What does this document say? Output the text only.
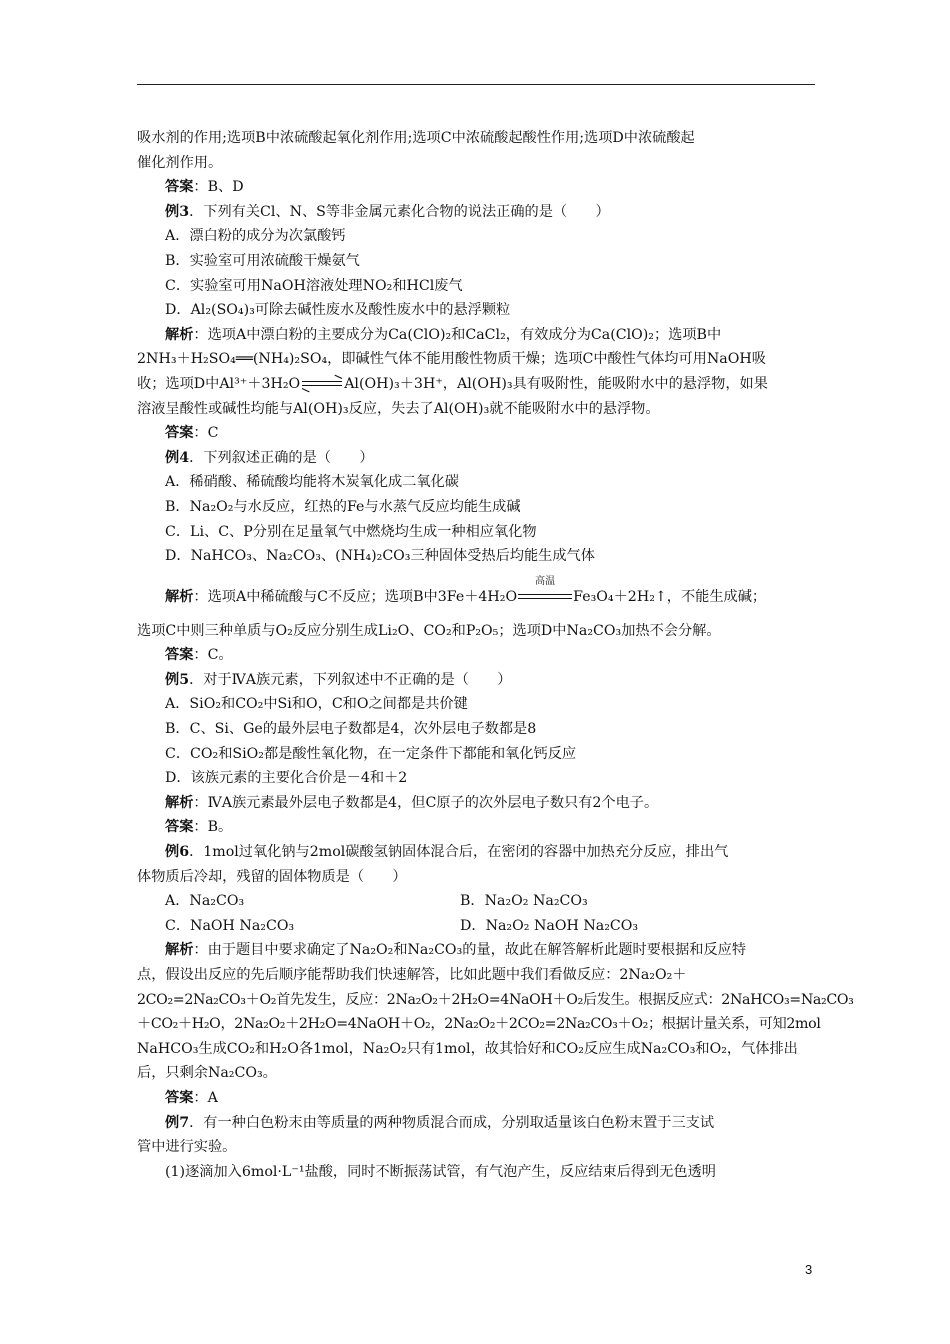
吸水剂的作用;选项B中浓硫酸起氧化剂作用;选项C中浓硫酸起酸性作用;选项D中浓硫酸起
催化剂作用。
答案：B、D
例3．下列有关Cl、N、S等非金属元素化合物的说法正确的是（　　）
A．漂白粉的成分为次氯酸钙
B．实验室可用浓硫酸干燥氨气
C．实验室可用NaOH溶液处理NO₂和HCl废气
D．Al₂(SO₄)₃可除去碱性废水及酸性废水中的悬浮颗粒
解析：选项A中漂白粉的主要成分为Ca(ClO)₂和CaCl₂，有效成分为Ca(ClO)₂；选项B中
2NH₃＋H₂SO₄══(NH₄)₂SO₄，即碱性气体不能用酸性物质干燥；选项C中酸性气体均可用NaOH吸
收；选项D中Al³⁺＋3H₂O ⇌ Al(OH)₃＋3H⁺，Al(OH)₃具有吸附性，能吸附水中的悬浮物，如果
溶液呈酸性或碱性均能与Al(OH)₃反应，失去了Al(OH)₃就不能吸附水中的悬浮物。
答案：C
例4．下列叙述正确的是（　　）
A．稀硝酸、稀硫酸均能将木炭氧化成二氧化碳
B．Na₂O₂与水反应，红热的Fe与水蒸气反应均能生成碱
C．Li、C、P分别在足量氧气中燃烧均生成一种相应氧化物
D．NaHCO₃、Na₂CO₃、(NH₄)₂CO₃三种固体受热后均能生成气体
解析：选项A中稀硫酸与C不反应；选项B中3Fe＋4H₂O
高温
Fe₃O₄＋2H₂↑，不能生成碱；
选项C中则三种单质与O₂反应分别生成Li₂O、CO₂和P₂O₅；选项D中Na₂CO₃加热不会分解。
答案：C。
例5．对于ⅣA族元素，下列叙述中不正确的是（　　）
A．SiO₂和CO₂中Si和O，C和O之间都是共价键
B．C、Si、Ge的最外层电子数都是4，次外层电子数都是8
C．CO₂和SiO₂都是酸性氧化物，在一定条件下都能和氧化钙反应
D．该族元素的主要化合价是－4和＋2
解析：ⅣA族元素最外层电子数都是4，但C原子的次外层电子数只有2个电子。
答案：B。
例6．1mol过氧化钠与2mol碳酸氢钠固体混合后，在密闭的容器中加热充分反应，排出气
体物质后冷却，残留的固体物质是（　　）
A．Na₂CO₃	B．Na₂O₂ Na₂CO₃
C．NaOH Na₂CO₃	D．Na₂O₂ NaOH Na₂CO₃
解析：由于题目中要求确定了Na₂O₂和Na₂CO₃的量，故此在解答解析此题时要根据和反应特
点，假设出反应的先后顺序能帮助我们快速解答，比如此题中我们看做反应：2Na₂O₂＋
2CO₂=2Na₂CO₃＋O₂首先发生，反应：2Na₂O₂＋2H₂O=4NaOH＋O₂后发生。根据反应式：2NaHCO₃=Na₂CO₃
＋CO₂＋H₂O，2Na₂O₂＋2H₂O=4NaOH＋O₂，2Na₂O₂＋2CO₂=2Na₂CO₃＋O₂；根据计量关系，可知2mol
NaHCO₃生成CO₂和H₂O各1mol，Na₂O₂只有1mol，故其恰好和CO₂反应生成Na₂CO₃和O₂，气体排出
后，只剩余Na₂CO₃。
答案：A
例7．有一种白色粉末由等质量的两种物质混合而成，分别取适量该白色粉末置于三支试
管中进行实验。
(1)逐滴加入6mol·L⁻¹盐酸，同时不断振荡试管，有气泡产生，反应结束后得到无色透明
3
